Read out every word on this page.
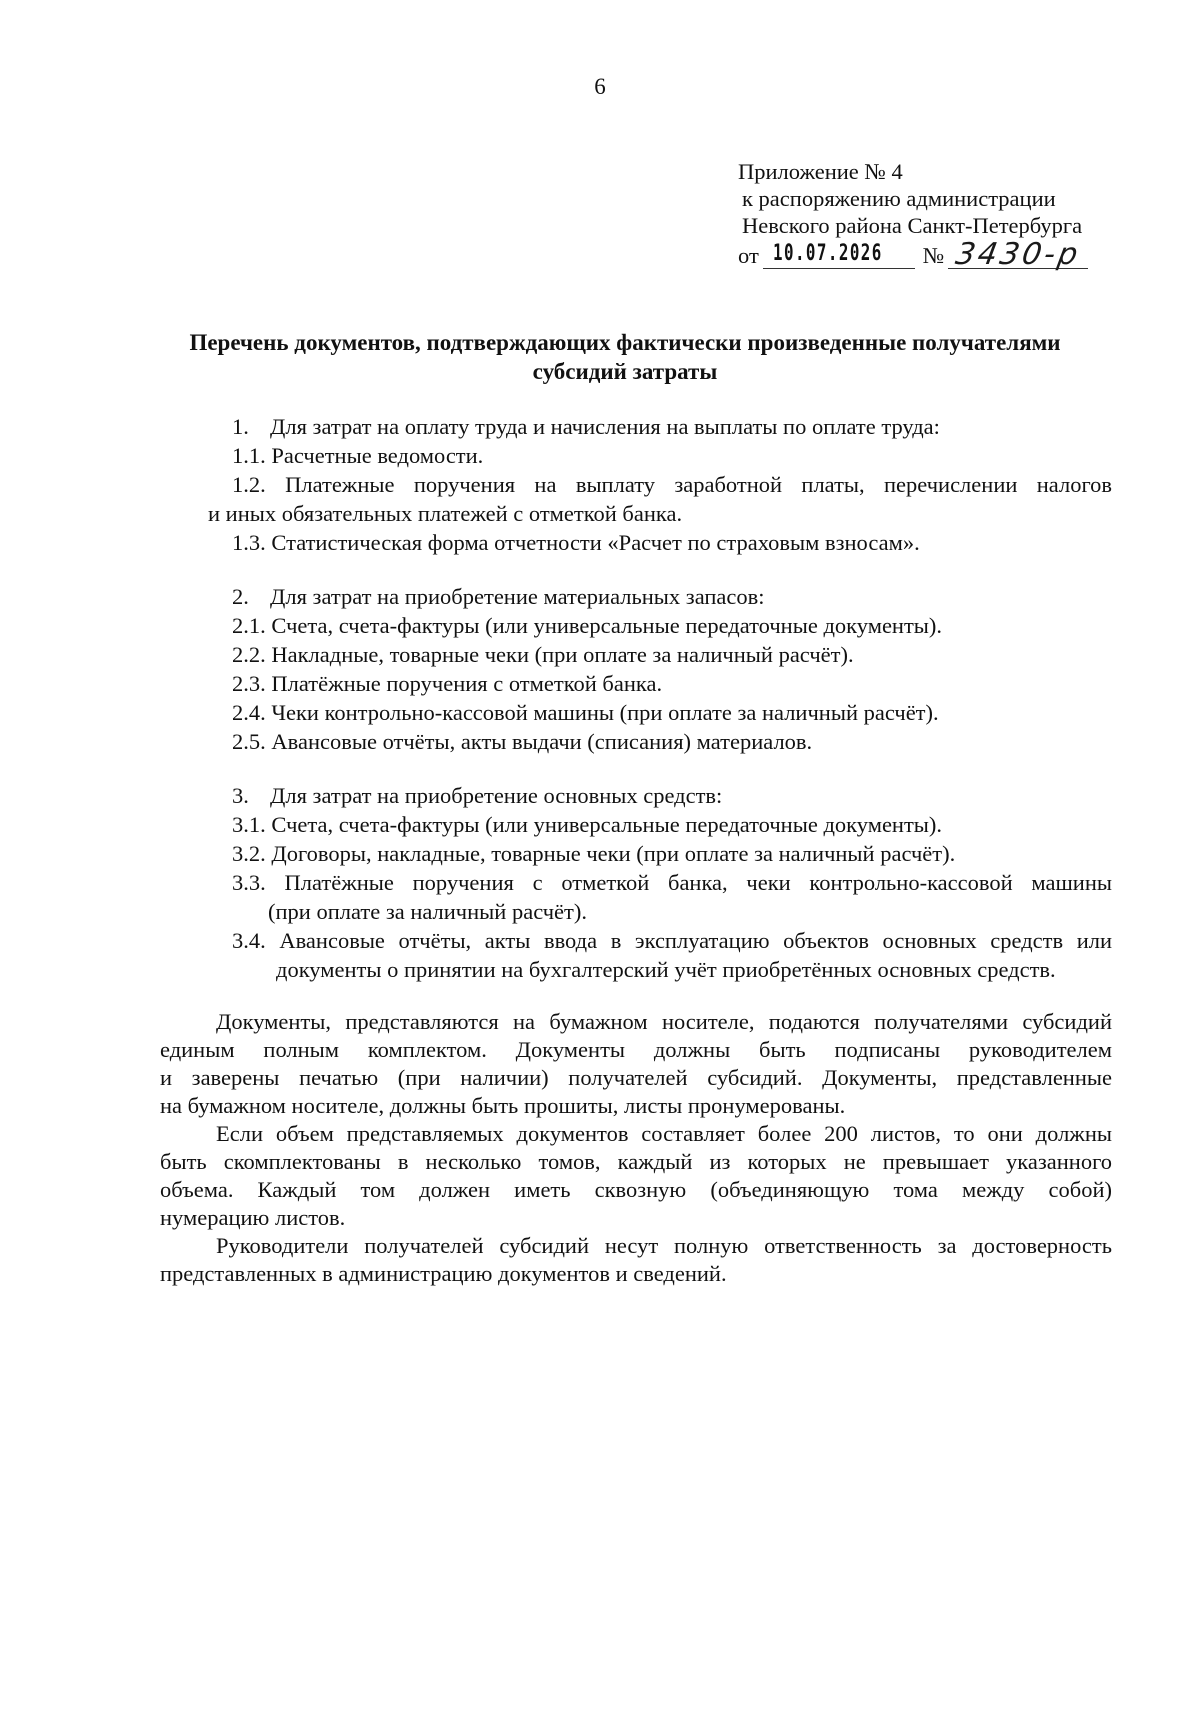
6
Приложение № 4
к распоряжению администрации
Невского района Санкт-Петербурга
от 10.07.2026 № 3430-р
Перечень документов, подтверждающих фактически произведенные получателями
субсидий затраты
1. Для затрат на оплату труда и начисления на выплаты по оплате труда:
1.1. Расчетные ведомости.
1.2. Платежные поручения на выплату заработной платы, перечислении налогов
и иных обязательных платежей с отметкой банка.
1.3. Статистическая форма отчетности «Расчет по страховым взносам».
2. Для затрат на приобретение материальных запасов:
2.1. Счета, счета-фактуры (или универсальные передаточные документы).
2.2. Накладные, товарные чеки (при оплате за наличный расчёт).
2.3. Платёжные поручения с отметкой банка.
2.4. Чеки контрольно-кассовой машины (при оплате за наличный расчёт).
2.5. Авансовые отчёты, акты выдачи (списания) материалов.
3. Для затрат на приобретение основных средств:
3.1. Счета, счета-фактуры (или универсальные передаточные документы).
3.2. Договоры, накладные, товарные чеки (при оплате за наличный расчёт).
3.3. Платёжные поручения с отметкой банка, чеки контрольно-кассовой машины
(при оплате за наличный расчёт).
3.4. Авансовые отчёты, акты ввода в эксплуатацию объектов основных средств или
документы о принятии на бухгалтерский учёт приобретённых основных средств.
Документы, представляются на бумажном носителе, подаются получателями субсидий
единым полным комплектом. Документы должны быть подписаны руководителем
и заверены печатью (при наличии) получателей субсидий. Документы, представленные
на бумажном носителе, должны быть прошиты, листы пронумерованы.
Если объем представляемых документов составляет более 200 листов, то они должны
быть скомплектованы в несколько томов, каждый из которых не превышает указанного
объема. Каждый том должен иметь сквозную (объединяющую тома между собой)
нумерацию листов.
Руководители получателей субсидий несут полную ответственность за достоверность
представленных в администрацию документов и сведений.
